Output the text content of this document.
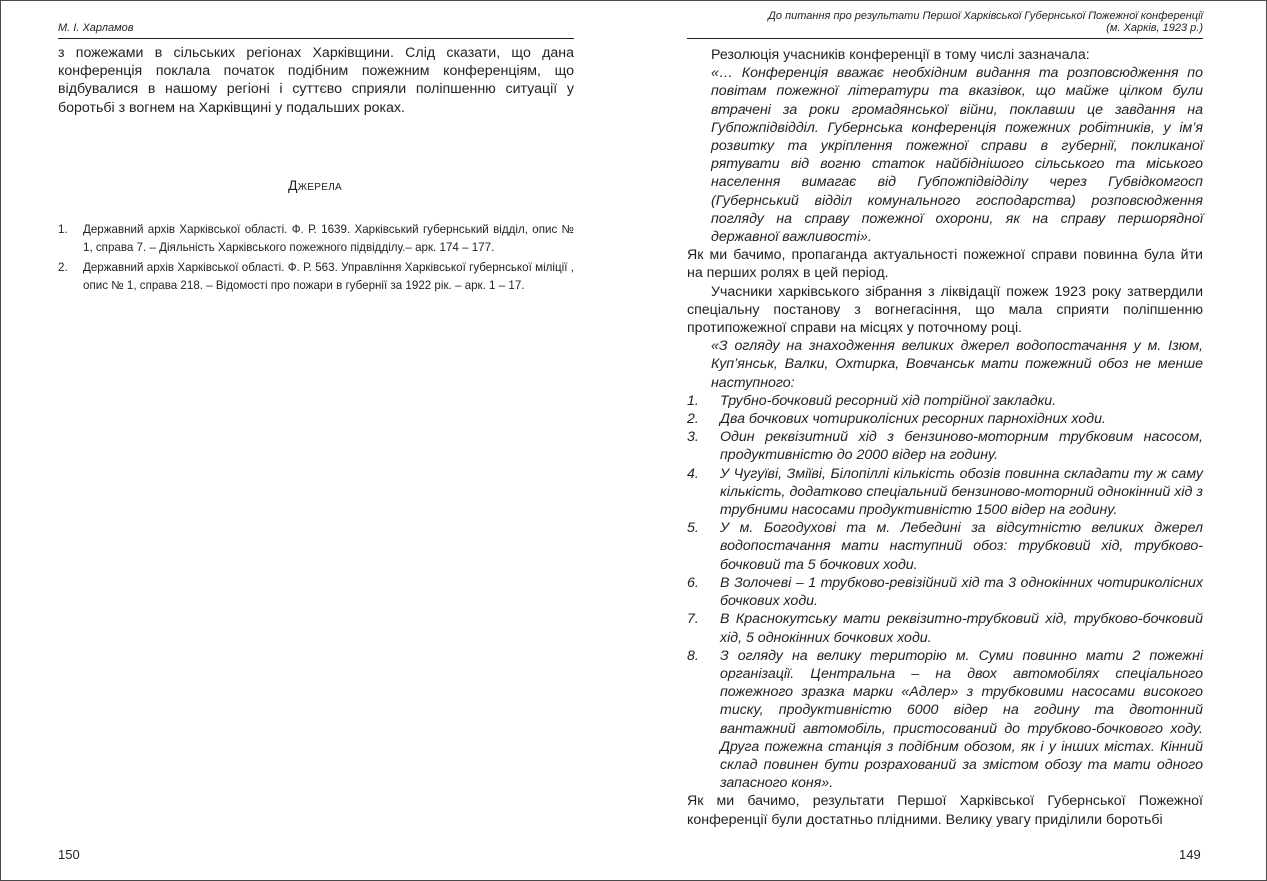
М. І. Харламов

з пожежами в сільських регіонах Харківщини. Слід сказати, що дана конференція поклала початок подібним пожежним конференціям, що відбувалися в нашому регіоні і суттєво сприяли поліпшенню ситуації у боротьбі з вогнем на Харківщині у подальших роках.

Джерела
1. Державний архів Харківської області. Ф. Р. 1639. Харківський губернський відділ, опис № 1, справа 7. – Діяльність Харківського пожежного підвідділу.– арк. 174 – 177.
2. Державний архів Харківської області. Ф. Р. 563. Управління Харківської губернської міліції , опис № 1, справа 218. – Відомості про пожари в губернії за 1922 рік. – арк. 1 – 17.
150
До питання про результати Першої Харківської Губернської Пожежної конференції
(м. Харків, 1923 р.)

Резолюція учасників конференції в тому числі зазначала:

«… Конференція вважає необхідним видання та розповсюдження по повітам пожежної літератури та вказівок, що майже цілком були втрачені за роки громадянської війни, поклавши це завдання на Губпожпідвідділ. Губернська конференція пожежних робітників, у ім’я розвитку та укріплення пожежної справи в губернії, покликаної рятувати від вогню статок найбіднішого сільського та міського населення вимагає від Губпожпідвідділу через Губвідкомгосп (Губернський відділ комунального господарства) розповсюдження погляду на справу пожежної охорони, як на справу першорядної державної важливості».

Як ми бачимо, пропаганда актуальності пожежної справи повинна була йти на перших ролях в цей період.

Учасники харківського зібрання з ліквідації пожеж 1923 року затвердили спеціальну постанову з вогнегасіння, що мала сприяти поліпшенню протипожежної справи на місцях у поточному році.

«З огляду на знаходження великих джерел водопостачання у м. Ізюм, Куп’янськ, Валки, Охтирка, Вовчанськ мати пожежний обоз не менше наступного:

1. Трубно-бочковий ресорний хід потрійної закладки.
2. Два бочкових чотириколісних ресорних парнохідних ходи.
3. Один реквізитний хід з бензиново-моторним трубковим насосом, продуктивністю до 2000 відер на годину.
4. У Чугуїві, Зміїві, Білопіллі кількість обозів повинна складати ту ж саму кількість, додатково спеціальний бензиново-моторний однокінний хід з трубними насосами продуктивністю 1500 відер на годину.
5. У м. Богодухові та м. Лебедині за відсутністю великих джерел водопостачання мати наступний обоз: трубковий хід, трубково-бочковий та 5 бочкових ходи.
6. В Золочеві – 1 трубково-ревізійний хід та 3 однокінних чотириколісних бочкових ходи.
7. В Краснокутську мати реквізитно-трубковий хід, трубково-бочковий хід, 5 однокінних бочкових ходи.
8. З огляду на велику територію м. Суми повинно мати 2 пожежні організації. Центральна – на двох автомобілях спеціального пожежного зразка марки «Адлер» з трубковими насосами високого тиску, продуктивністю 6000 відер на годину та двотонний вантажний автомобіль, пристосований до трубково-бочкового ходу. Друга пожежна станція з подібним обозом, як і у інших містах. Кінний склад повинен бути розрахований за змістом обозу та мати одного запасного коня».

Як ми бачимо, результати Першої Харківської Губернської Пожежної конференції були достатньо плідними. Велику увагу приділили боротьбі

149
